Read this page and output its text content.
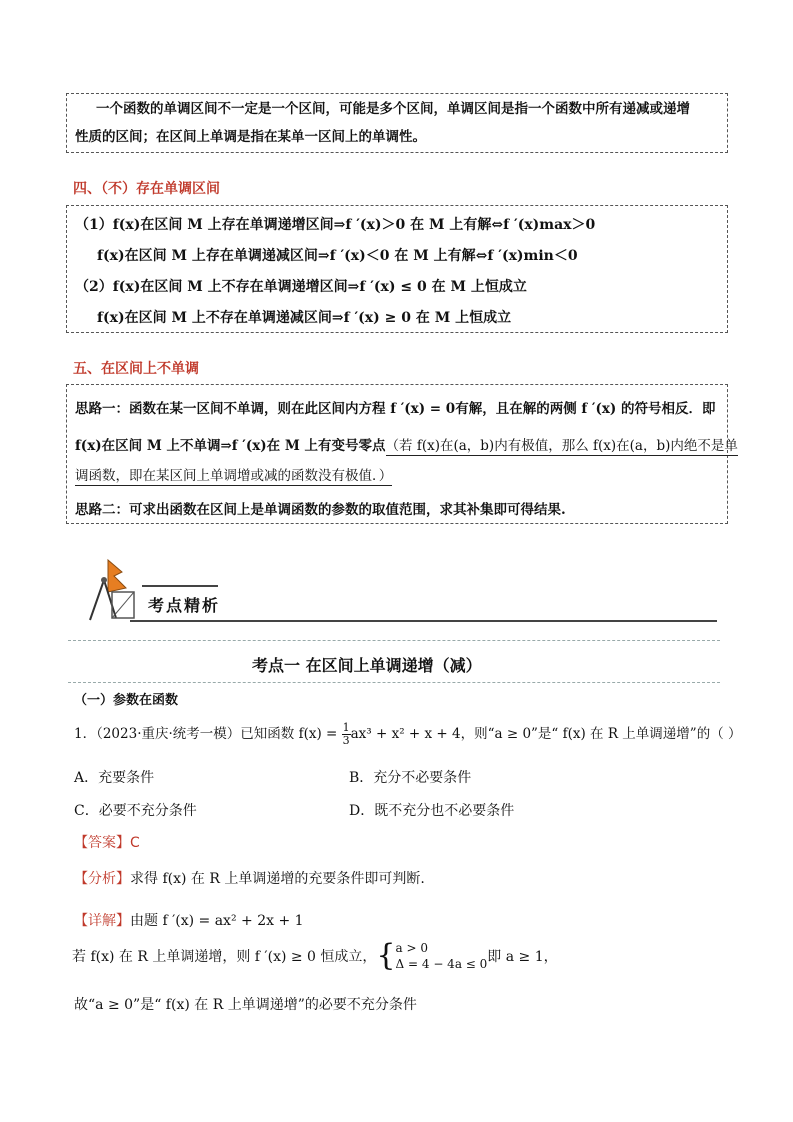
一个函数的单调区间不一定是一个区间，可能是多个区间，单调区间是指一个函数中所有递减或递增
性质的区间；在区间上单调是指在某单一区间上的单调性。
四、（不）存在单调区间
（1）f(x)在区间 M 上存在单调递增区间⇒f ′(x)＞0 在 M 上有解⇔f ′(x)max＞0
f(x)在区间 M 上存在单调递减区间⇒f ′(x)＜0 在 M 上有解⇔f ′(x)min＜0
（2）f(x)在区间 M 上不存在单调递增区间⇒f ′(x) ≤ 0 在 M 上恒成立
f(x)在区间 M 上不存在单调递减区间⇒f ′(x) ≥ 0 在 M 上恒成立
五、在区间上不单调
思路一：函数在某一区间不单调，则在此区间内方程 f ′(x) = 0有解，且在解的两侧 f ′(x) 的符号相反．即
f(x)在区间 M 上不单调⇒f ′(x)在 M 上有变号零点（若 f(x)在(a，b)内有极值，那么 f(x)在(a，b)内绝不是单
调函数，即在某区间上单调增或减的函数没有极值．）
思路二：可求出函数在区间上是单调函数的参数的取值范围，求其补集即可得结果.
考点精析
考点一 在区间上单调递增（减）
（一）参数在函数
1．（2023·重庆·统考一模）已知函数 $f(x) = \frac{1}{3} ax^3 + x^2 + x + 4$，则“a ≥ 0”是“ f(x) 在 R 上单调递增”的（ ）
A．充要条件	B．充分不必要条件
C．必要不充分条件	D．既不充分也不必要条件
【答案】C
【分析】求得 f(x) 在 R 上单调递增的充要条件即可判断.
【详解】由题 f ′(x) = ax² + 2x + 1
若 f(x) 在 R 上单调递增，则 f ′(x) ≥ 0 恒成立，{ a > 0
Δ = 4 − 4a ≤ 0 即 a ≥ 1，
故“a ≥ 0”是“ f(x) 在 R 上单调递增”的必要不充分条件
